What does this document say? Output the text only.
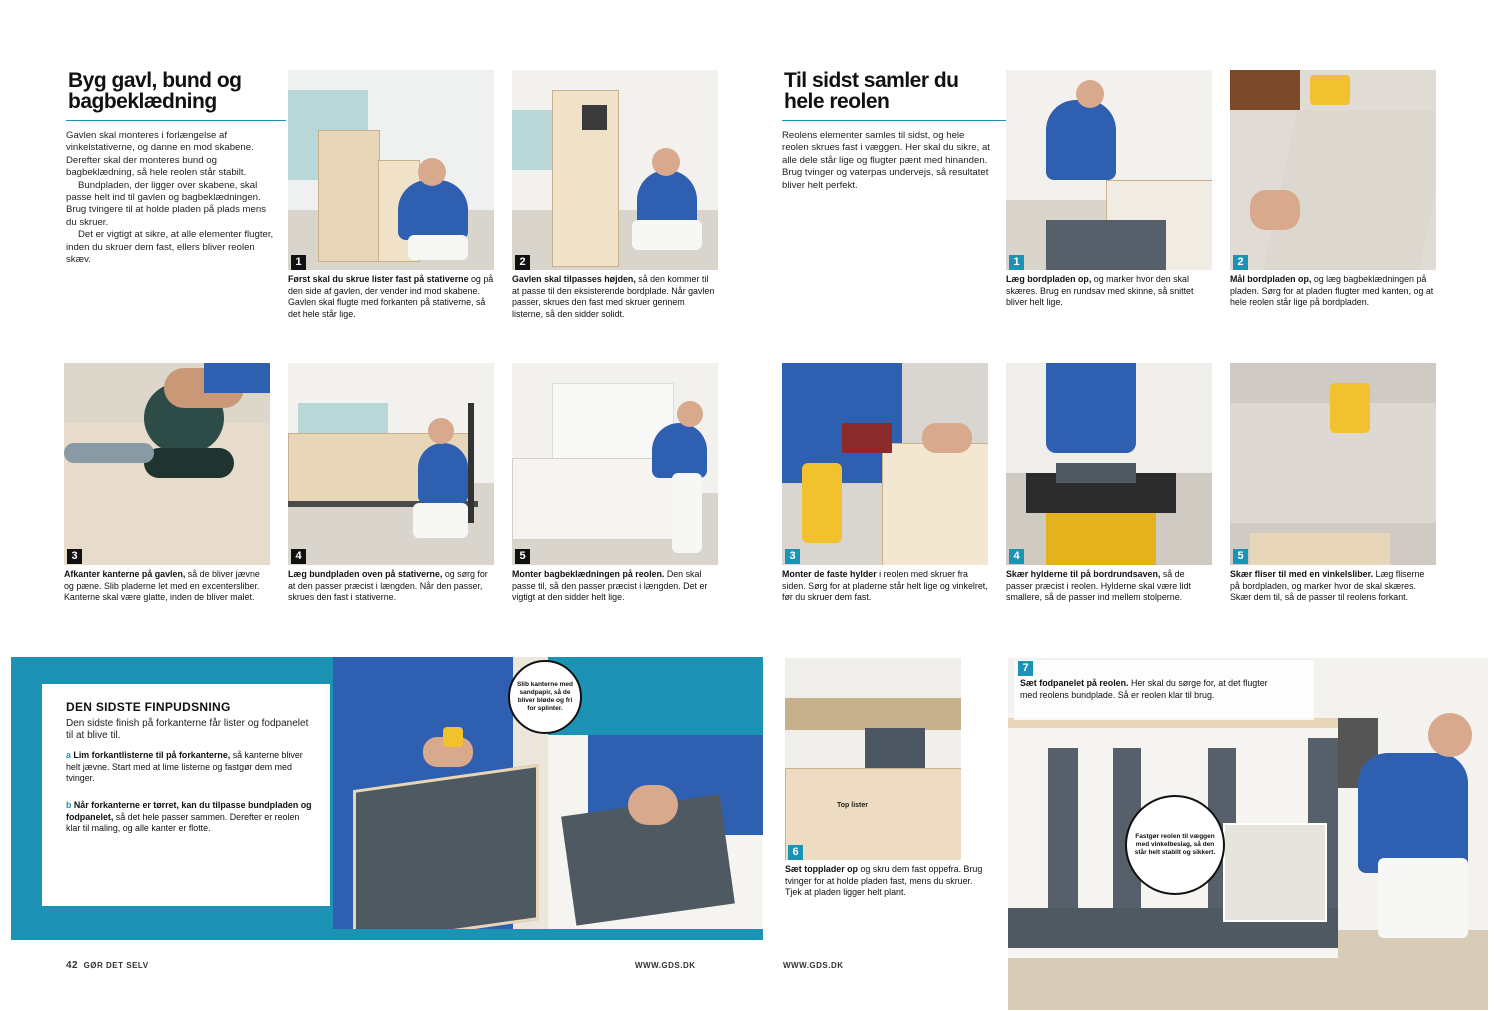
Byg gavl, bund og bagbeklædning
Gavlen skal monteres i forlængelse af vinkelstativerne, og danne en mod skabene. Derefter skal der monteres bund og bagbeklædning, så hele reolen står stabilt.
Bundpladen, der ligger over skabene, skal passe helt ind til gavlen og bagbeklædningen. Brug tvingere til at holde pladen på plads mens du skruer.
Det er vigtigt at sikre, at alle elementer flugter, inden du skruer dem fast, ellers bliver reolen skæv.	1
Først skal du skrue lister fast på stativerne og på den side af gavlen, der vender ind mod skabene. Gavlen skal flugte med forkanten på stativerne, så det hele står lige.
2
Gavlen skal tilpasses højden, så den kommer til at passe til den eksisterende bordplade. Når gavlen passer, skrues den fast med skruer gennem listerne, så den sidder solidt.
3
Afkanter kanterne på gavlen, så de bliver jævne og pæne. Slib pladerne let med en excentersliber. Kanterne skal være glatte, inden de bliver malet.
4
Læg bundpladen oven på stativerne, og sørg for at den passer præcist i længden. Når den passer, skrues den fast i stativerne.
5
Monter bagbeklædningen på reolen. Den skal passe til, så den passer præcist i længden. Det er vigtigt at den sidder helt lige.
DEN SIDSTE FINPUDSNING
Den sidste finish på forkanterne får lister og fodpanelet til at blive til.
a Lim forkantlisterne til på forkanterne, så kanterne bliver helt jævne. Start med at lime listerne og fastgør dem med tvinger.
b Når forkanterne er tørret, kan du tilpasse bundpladen og fodpanelet, så det hele passer sammen. Derefter er reolen klar til maling, og alle kanter er flotte.
Slib kanterne med sandpapir, så de bliver bløde og fri for splinter.
42 GØR DET SELV	WWW.GDS.DK
Til sidst samler du hele reolen
Reolens elementer samles til sidst, og hele reolen skrues fast i væggen. Her skal du sikre, at alle dele står lige og flugter pænt med hinanden. Brug tvinger og vaterpas undervejs, så resultatet bliver helt perfekt.
1
Læg bordpladen op, og marker hvor den skal skæres. Brug en rundsav med skinne, så snittet bliver helt lige.
2
Mål bordpladen op, og læg bagbeklædningen på pladen. Sørg for at pladen flugter med kanten, og at hele reolen står lige på bordpladen.
3
Monter de faste hylder i reolen med skruer fra siden. Sørg for at pladerne står helt lige og vinkelret, før du skruer dem fast.
4
Skær hylderne til på bordrundsaven, så de passer præcist i reolen. Hylderne skal være lidt smallere, så de passer ind mellem stolperne.
5
Skær fliser til med en vinkelsliber. Læg fliserne på bordpladen, og marker hvor de skal skæres. Skær dem til, så de passer til reolens forkant.
Top lister
6
Sæt topplader op og skru dem fast oppefra. Brug tvinger for at holde pladen fast, mens du skruer. Tjek at pladen ligger helt plant.
7
Sæt fodpanelet på reolen. Her skal du sørge for, at det flugter med reolens bundplade. Så er reolen klar til brug.
Fastgør reolen til væggen med vinkelbeslag, så den står helt stabilt og sikkert.
WWW.GDS.DK
